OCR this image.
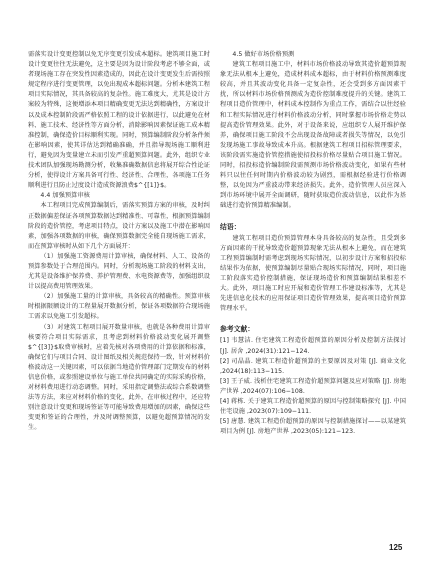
需落实设计变更控制以免无序变更引发成本超标。建筑项目施工时设计变更往往无法避免，这主要是因为设计阶段考虑不够全面，或者现场施工存在突发性因素造成的，因此在设计变更发生后需按照规定程序进行变更管理，以免出现成本超标问题。分析本建筑工程项目实际情况，其具备较高的复杂性。施工难度大，尤其是设计方案较为特殊，这便增添本项目精确变更无法达到精确性，方案设计以及成本控制阶段需严格依照工程的设计依据进行，以此避免在材料、施工技术、经济性等方面分析，消除影响因素保证施工成本精准控制，确保造价目标顺利实现。同时，预算编制阶段分析条件须在影响因素，使其详估达到精确准确，并且指导现场施工顺利进行，避免因为变量建立未而引发严重超预算问题。此外，组织专业技术团队加强现场勘测分析，收集准确数据信息将展开综合性论证分析，使得设计方案具备可行性、经济性、合理性，各项施工任务顺利进行且防止过度设计造成资源浪费$^{[1]}$。

4.4 加强预算审核

本工程项目完成预算编制后，需落实预算方案的审核，及时纠正数据偏差保证各项预算数据达到精准性、可靠性，根据预算编制阶段的造价管控，考虑项目特点，设计方案以及施工中潜在影响因素，加强各项数据的审核，确保预算数据完全能自现场施工需求，而在预算审核时从如下几个方面展开：

（1）加强施工资源费用计算审核，确保材料、人工、设备的预算参数处于合理范围内。同时，分析现场施工阶段的材料支出，尤其是设备维护保养费、养护管理费、水电资源费等，加强组织设计以提高费用管理效果。

（2）加强施工量的计算审核，具备较高的精确性。预算审核时根据限额设计的工程量展开数据分析，保证各项数据符合现场施工需求以免施工引发超标。

（3）对建筑工程项目展开数量审核，也就是各种费用计算审核要符合项目实际需求，且考虑到材料价格波动变化展开调整$^{[3]}$取费审核时，应着先核对各项费用的计算依据和标准，确保它们与项目合同、设计图纸及相关规范保持一致，针对材料价格波动这一关键因素，可以依据当地造价管理部门定期发布的材料信息价格，或参照建设单位与施工单位共同确定的实际采购价格，对材料费用进行动态调整。同时，采用指定调整法或综合系数调整法等方法，来应对材料价格的变化，此外，在审核过程中，还应特别注意设计变更和现场签证等可能导致费用增加的因素，确保这些变更和签证的合理性，并及时调整预算，以避免超预算情况的发生。

4.5 做好市场价格预测

建筑工程项目施工中，材料市场价格波动导致其造价超预算现象无法从根本上避免，造成材料成本超标，由于材料价格预测难度较高，并且其波动变化具备一定复杂性，还会受到多方面因素干扰，所以材料市场价格预测成为造价控制难度提升的关键。建筑工程项目造价管理中，材料成本控制作为重点工作，需结合以往经验和工程实际情况进行材料价格波动分析，同时掌握市场价格走势以提高造价管理效果。此外，对于设备来说，应组织专人展开维护保养，确保项目施工阶段不会出现设备故障或者损失等情况，以免引发现场施工事故导致成本升高。根据建筑工程项目招标管理要求，该阶段需实施造价管控措施使招投标价格尽量贴合项目施工情况。同时，招投标造价编制阶段需预测市场价格波动变化，如果有些材料只以往任何时期内价格波动较为剧烈，需根据经验进行价格调整，以免因为严重波动带来经济损失。此外，造价管理人员应深入到市场环境中展开全面调研，随时获取造价波动信息，以此作为基础进行造价预算精准编制。

结语：

建筑工程项目造价预算管理本身具备较高的复杂性，且受到多方面因素的干扰导致造价超预算现象无法从根本上避免，而在建筑工程预算编制时需考虑到现场实际情况，以初步设计方案和招投标结果作为依据，使预算编制尽量贴合现场实际情况，同时，项目施工阶段落实造价控制措施，保证现场造价和预算编制结果相差不大。此外，项目施工时应开展和造价管理工作建设标准等，尤其是先进信息化技术的应用保证项目造价管理效果，提高项目造价预算管理水平。

参考文献：

[1] 韦慧洁. 住宅建筑工程造价超预算的原因分析及控制方法探讨 [J]. 居舍 ,2024(31):121−124.

[2] 司晶晶. 建筑工程造价超预算的主要原因及对策 [J]. 商业文化 ,2024(18):113−115.

[3] 王子威. 浅析住宅建筑工程造价超预算问题及应对策略 [J]. 房地产世界 ,2024(07):106−108.

[4] 蒋栋. 关于建筑工程造价超预算的原因与控制策略探究 [J]. 中国住宅设施 ,2023(07):109−111.

[5] 唐慧. 建筑工程造价超预算的原因与控制措施探讨——以某建筑项目为例 [J]. 房地产世界 ,2023(05):121−123.

125
